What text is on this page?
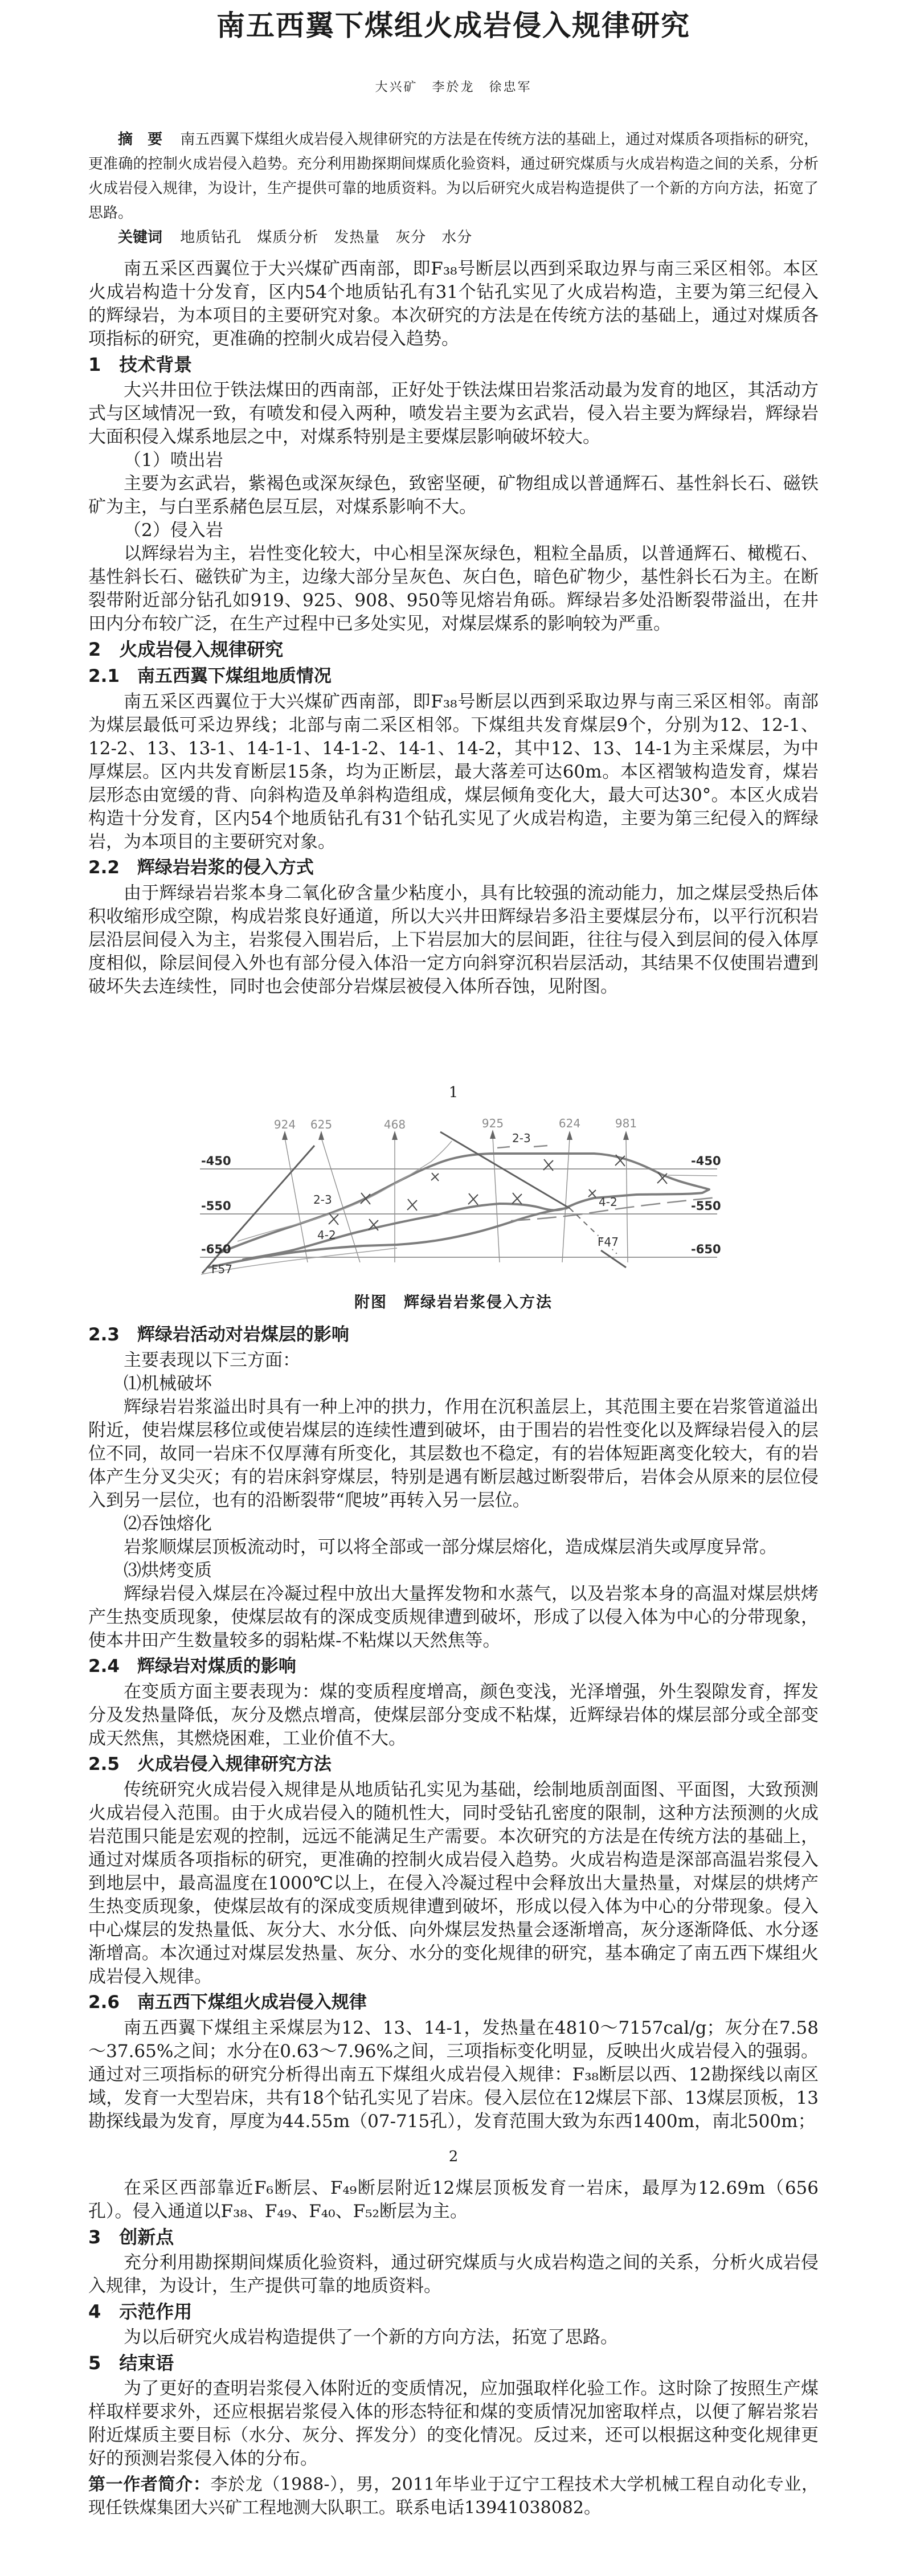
南五西翼下煤组火成岩侵入规律研究

大兴矿　李於龙　徐忠军

摘　要 南五西翼下煤组火成岩侵入规律研究的方法是在传统方法的基础上，通过对煤质各项指标的研究，更准确的控制火成岩侵入趋势。充分利用勘探期间煤质化验资料，通过研究煤质与火成岩构造之间的关系，分析火成岩侵入规律，为设计，生产提供可靠的地质资料。为以后研究火成岩构造提供了一个新的方向方法，拓宽了思路。

关键词 地质钻孔　煤质分析　发热量　灰分　水分

南五采区西翼位于大兴煤矿西南部，即F₃₈号断层以西到采取边界与南三采区相邻。本区火成岩构造十分发育，区内54个地质钻孔有31个钻孔实见了火成岩构造，主要为第三纪侵入的辉绿岩，为本项目的主要研究对象。本次研究的方法是在传统方法的基础上，通过对煤质各项指标的研究，更准确的控制火成岩侵入趋势。

1　技术背景

大兴井田位于铁法煤田的西南部，正好处于铁法煤田岩浆活动最为发育的地区，其活动方式与区域情况一致，有喷发和侵入两种，喷发岩主要为玄武岩，侵入岩主要为辉绿岩，辉绿岩大面积侵入煤系地层之中，对煤系特别是主要煤层影响破坏较大。

（1）喷出岩

主要为玄武岩，紫褐色或深灰绿色，致密坚硬，矿物组成以普通辉石、基性斜长石、磁铁矿为主，与白垩系赭色层互层，对煤系影响不大。

（2）侵入岩

以辉绿岩为主，岩性变化较大，中心相呈深灰绿色，粗粒全晶质，以普通辉石、橄榄石、基性斜长石、磁铁矿为主，边缘大部分呈灰色、灰白色，暗色矿物少，基性斜长石为主。在断裂带附近部分钻孔如919、925、908、950等见熔岩角砾。辉绿岩多处沿断裂带溢出，在井田内分布较广泛，在生产过程中已多处实见，对煤层煤系的影响较为严重。

2　火成岩侵入规律研究
2.1　南五西翼下煤组地质情况

南五采区西翼位于大兴煤矿西南部，即F₃₈号断层以西到采取边界与南三采区相邻。南部为煤层最低可采边界线；北部与南二采区相邻。下煤组共发育煤层9个，分别为12、12-1、12-2、13、13-1、14-1-1、14-1-2、14-1、14-2，其中12、13、14-1为主采煤层，为中厚煤层。区内共发育断层15条，均为正断层，最大落差可达60m。本区褶皱构造发育，煤岩层形态由宽缓的背、向斜构造及单斜构造组成，煤层倾角变化大，最大可达30°。本区火成岩构造十分发育，区内54个地质钻孔有31个钻孔实见了火成岩构造，主要为第三纪侵入的辉绿岩，为本项目的主要研究对象。

2.2　辉绿岩岩浆的侵入方式

由于辉绿岩岩浆本身二氧化矽含量少粘度小，具有比较强的流动能力，加之煤层受热后体积收缩形成空隙，构成岩浆良好通道，所以大兴井田辉绿岩多沿主要煤层分布，以平行沉积岩层沿层间侵入为主，岩浆侵入围岩后，上下岩层加大的层间距，往往与侵入到层间的侵入体厚度相似，除层间侵入外也有部分侵入体沿一定方向斜穿沉积岩层活动，其结果不仅使围岩遭到破坏失去连续性，同时也会使部分岩煤层被侵入体所吞蚀，见附图。

1
924 625	468	925	624	981
-450
-550
-650
-450
-550
-650
2-3
2-3
4-2
4-2
F57
F47

附图　辉绿岩岩浆侵入方法

2.3　辉绿岩活动对岩煤层的影响

主要表现以下三方面：

⑴机械破坏

辉绿岩岩浆溢出时具有一种上冲的拱力，作用在沉积盖层上，其范围主要在岩浆管道溢出附近，使岩煤层移位或使岩煤层的连续性遭到破坏，由于围岩的岩性变化以及辉绿岩侵入的层位不同，故同一岩床不仅厚薄有所变化，其层数也不稳定，有的岩体短距离变化较大，有的岩体产生分叉尖灭；有的岩床斜穿煤层，特别是遇有断层越过断裂带后，岩体会从原来的层位侵入到另一层位，也有的沿断裂带“爬坡”再转入另一层位。

⑵吞蚀熔化

岩浆顺煤层顶板流动时，可以将全部或一部分煤层熔化，造成煤层消失或厚度异常。

⑶烘烤变质

辉绿岩侵入煤层在冷凝过程中放出大量挥发物和水蒸气，以及岩浆本身的高温对煤层烘烤产生热变质现象，使煤层故有的深成变质规律遭到破坏，形成了以侵入体为中心的分带现象，使本井田产生数量较多的弱粘煤-不粘煤以天然焦等。

2.4　辉绿岩对煤质的影响

在变质方面主要表现为：煤的变质程度增高，颜色变浅，光泽增强，外生裂隙发育，挥发分及发热量降低，灰分及燃点增高，使煤层部分变成不粘煤，近辉绿岩体的煤层部分或全部变成天然焦，其燃烧困难，工业价值不大。

2.5　火成岩侵入规律研究方法

传统研究火成岩侵入规律是从地质钻孔实见为基础，绘制地质剖面图、平面图，大致预测火成岩侵入范围。由于火成岩侵入的随机性大，同时受钻孔密度的限制，这种方法预测的火成岩范围只能是宏观的控制，远远不能满足生产需要。本次研究的方法是在传统方法的基础上，通过对煤质各项指标的研究，更准确的控制火成岩侵入趋势。火成岩构造是深部高温岩浆侵入到地层中，最高温度在1000℃以上，在侵入冷凝过程中会释放出大量热量，对煤层的烘烤产生热变质现象，使煤层故有的深成变质规律遭到破坏，形成以侵入体为中心的分带现象。侵入中心煤层的发热量低、灰分大、水分低、向外煤层发热量会逐渐增高，灰分逐渐降低、水分逐渐增高。本次通过对煤层发热量、灰分、水分的变化规律的研究，基本确定了南五西下煤组火成岩侵入规律。

2.6　南五西下煤组火成岩侵入规律

南五西翼下煤组主采煤层为12、13、14-1，发热量在4810～7157cal/g；灰分在7.58～37.65%之间；水分在0.63～7.96%之间，三项指标变化明显，反映出火成岩侵入的强弱。通过对三项指标的研究分析得出南五下煤组火成岩侵入规律：F₃₈断层以西、12勘探线以南区域，发育一大型岩床，共有18个钻孔实见了岩床。侵入层位在12煤层下部、13煤层顶板，13勘探线最为发育，厚度为44.55m（07-715孔），发育范围大致为东西1400m，南北500m；

2

在采区西部靠近F₆断层、F₄₉断层附近12煤层顶板发育一岩床，最厚为12.69m（656孔）。侵入通道以F₃₈、F₄₉、F₄₀、F₅₂断层为主。

3　创新点

充分利用勘探期间煤质化验资料，通过研究煤质与火成岩构造之间的关系，分析火成岩侵入规律，为设计，生产提供可靠的地质资料。

4　示范作用

为以后研究火成岩构造提供了一个新的方向方法，拓宽了思路。

5　结束语

为了更好的查明岩浆侵入体附近的变质情况，应加强取样化验工作。这时除了按照生产煤样取样要求外，还应根据岩浆侵入体的形态特征和煤的变质情况加密取样点，以便了解岩浆岩附近煤质主要目标（水分、灰分、挥发分）的变化情况。反过来，还可以根据这种变化规律更好的预测岩浆侵入体的分布。

第一作者简介：李於龙（1988-），男，2011年毕业于辽宁工程技术大学机械工程自动化专业，现任铁煤集团大兴矿工程地测大队职工。联系电话13941038082。
